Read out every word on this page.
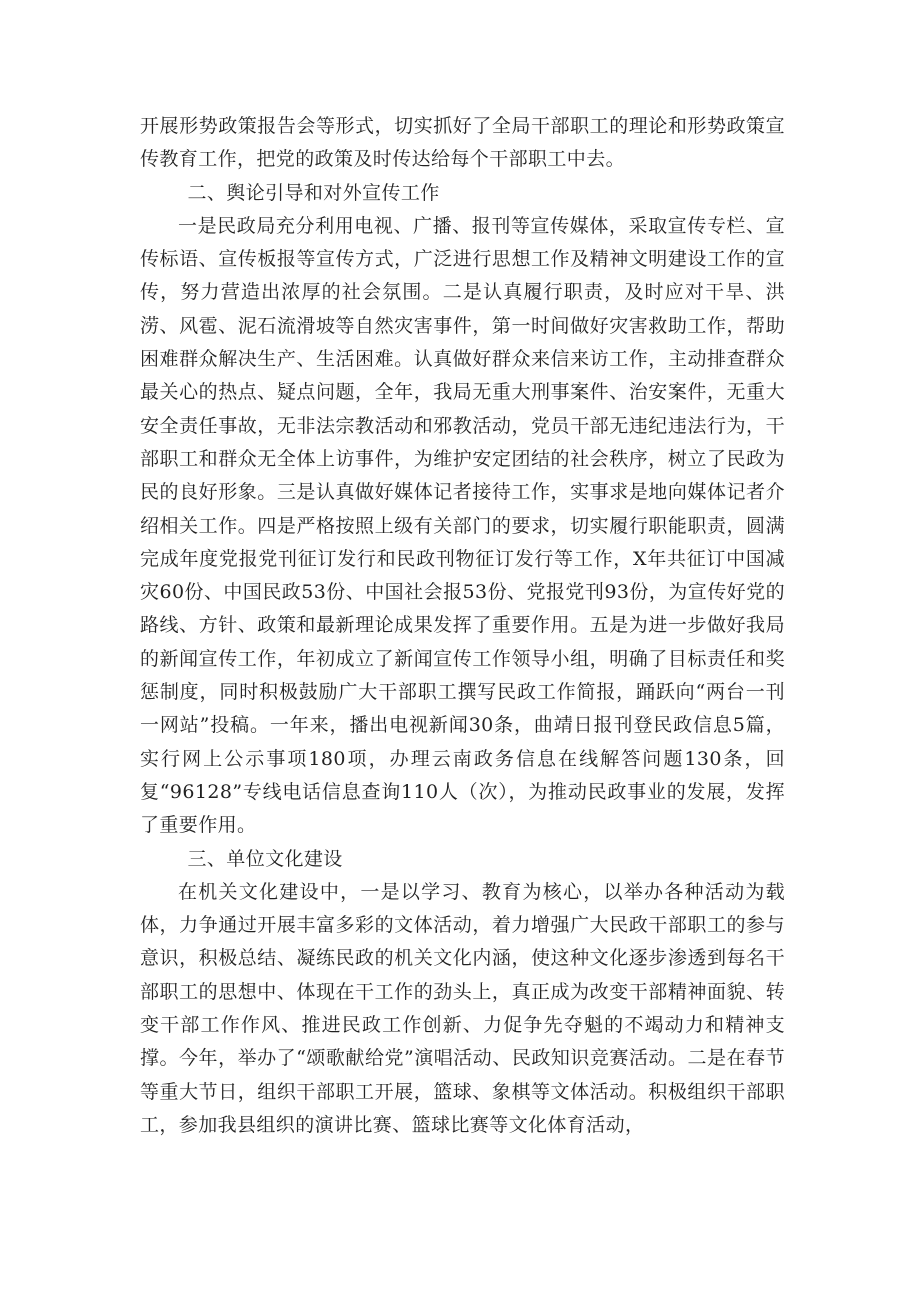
开展形势政策报告会等形式，切实抓好了全局干部职工的理论和形势政策宣传教育工作，把党的政策及时传达给每个干部职工中去。

二、舆论引导和对外宣传工作

一是民政局充分利用电视、广播、报刊等宣传媒体，采取宣传专栏、宣传标语、宣传板报等宣传方式，广泛进行思想工作及精神文明建设工作的宣传，努力营造出浓厚的社会氛围。二是认真履行职责，及时应对干旱、洪涝、风雹、泥石流滑坡等自然灾害事件，第一时间做好灾害救助工作，帮助困难群众解决生产、生活困难。认真做好群众来信来访工作，主动排查群众最关心的热点、疑点问题，全年，我局无重大刑事案件、治安案件，无重大安全责任事故，无非法宗教活动和邪教活动，党员干部无违纪违法行为，干部职工和群众无全体上访事件，为维护安定团结的社会秩序，树立了民政为民的良好形象。三是认真做好媒体记者接待工作，实事求是地向媒体记者介绍相关工作。四是严格按照上级有关部门的要求，切实履行职能职责，圆满完成年度党报党刊征订发行和民政刊物征订发行等工作，X年共征订中国减灾60份、中国民政53份、中国社会报53份、党报党刊93份，为宣传好党的路线、方针、政策和最新理论成果发挥了重要作用。五是为进一步做好我局的新闻宣传工作，年初成立了新闻宣传工作领导小组，明确了目标责任和奖惩制度，同时积极鼓励广大干部职工撰写民政工作简报，踊跃向“两台一刊一网站”投稿。一年来，播出电视新闻30条，曲靖日报刊登民政信息5篇，实行网上公示事项180项，办理云南政务信息在线解答问题130条，回复“96128”专线电话信息查询110人（次），为推动民政事业的发展，发挥了重要作用。

三、单位文化建设

在机关文化建设中，一是以学习、教育为核心，以举办各种活动为载体，力争通过开展丰富多彩的文体活动，着力增强广大民政干部职工的参与意识，积极总结、凝练民政的机关文化内涵，使这种文化逐步渗透到每名干部职工的思想中、体现在干工作的劲头上，真正成为改变干部精神面貌、转变干部工作作风、推进民政工作创新、力促争先夺魁的不竭动力和精神支撑。今年，举办了“颂歌献给党”演唱活动、民政知识竞赛活动。二是在春节等重大节日，组织干部职工开展，篮球、象棋等文体活动。积极组织干部职工，参加我县组织的演讲比赛、篮球比赛等文化体育活动，
